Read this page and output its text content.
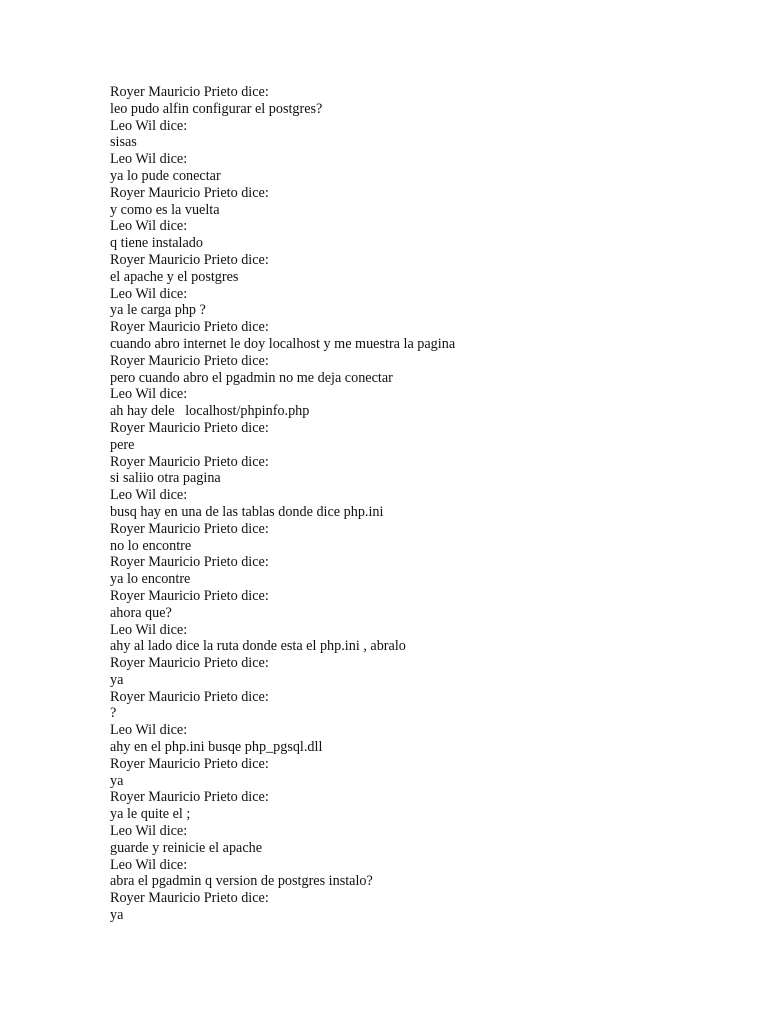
Royer Mauricio Prieto dice:
leo pudo alfin configurar el postgres?
Leo Wil dice:
sisas
Leo Wil dice:
ya lo pude conectar
Royer Mauricio Prieto dice:
y como es la vuelta
Leo Wil dice:
q tiene instalado
Royer Mauricio Prieto dice:
el apache y el postgres
Leo Wil dice:
ya le carga php ?
Royer Mauricio Prieto dice:
cuando abro internet le doy localhost y me muestra la pagina
Royer Mauricio Prieto dice:
pero cuando abro el pgadmin no me deja conectar
Leo Wil dice:
ah hay dele   localhost/phpinfo.php
Royer Mauricio Prieto dice:
pere
Royer Mauricio Prieto dice:
si saliio otra pagina
Leo Wil dice:
busq hay en una de las tablas donde dice php.ini
Royer Mauricio Prieto dice:
no lo encontre
Royer Mauricio Prieto dice:
ya lo encontre
Royer Mauricio Prieto dice:
ahora que?
Leo Wil dice:
ahy al lado dice la ruta donde esta el php.ini , abralo
Royer Mauricio Prieto dice:
ya
Royer Mauricio Prieto dice:
?
Leo Wil dice:
ahy en el php.ini busqe php_pgsql.dll
Royer Mauricio Prieto dice:
ya
Royer Mauricio Prieto dice:
ya le quite el ;
Leo Wil dice:
guarde y reinicie el apache
Leo Wil dice:
abra el pgadmin q version de postgres instalo?
Royer Mauricio Prieto dice:
ya
